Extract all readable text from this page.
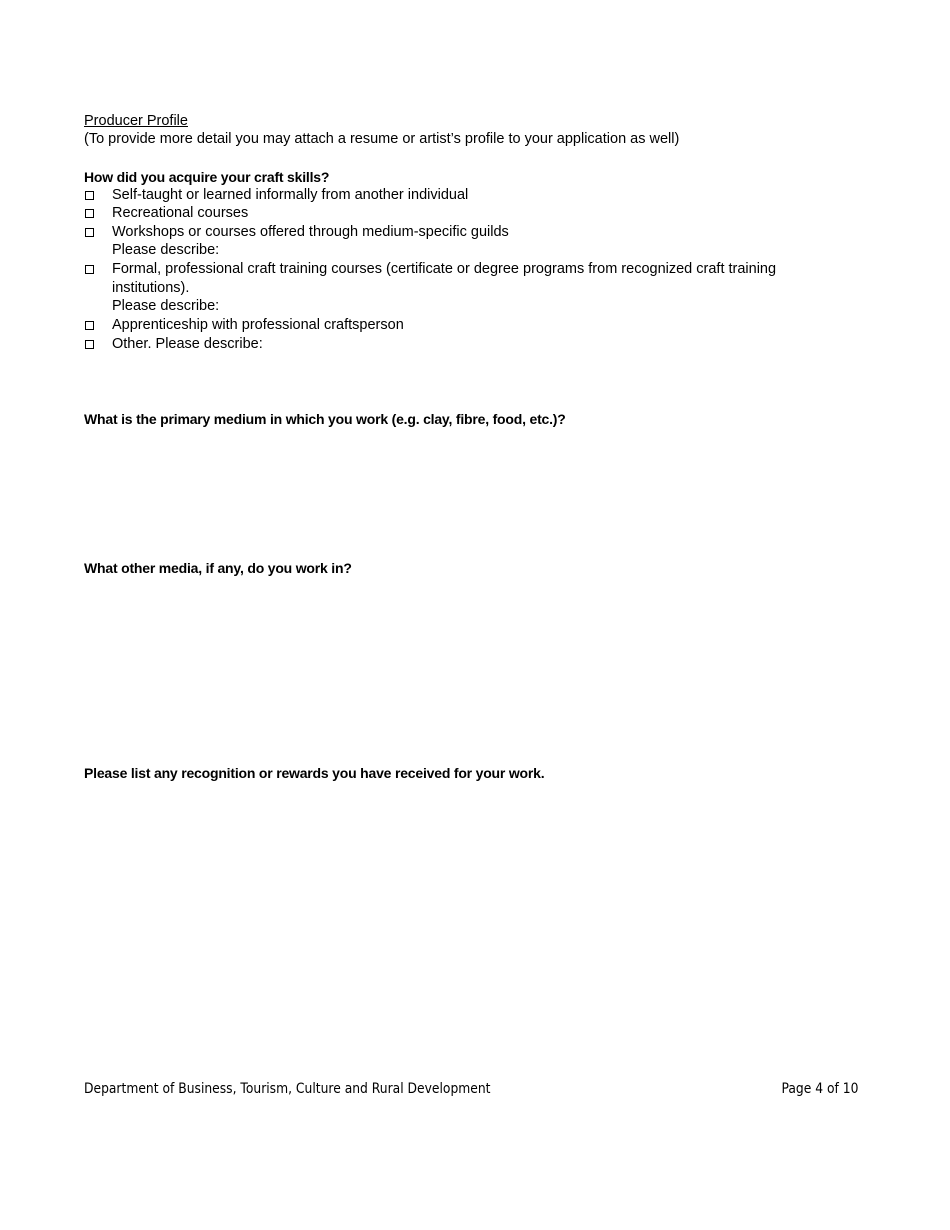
Producer Profile
(To provide more detail you may attach a resume or artist’s profile to your application as well)
How did you acquire your craft skills?
Self-taught or learned informally from another individual
Recreational courses
Workshops or courses offered through medium-specific guilds
Please describe:
Formal, professional craft training courses (certificate or degree programs from recognized craft training
institutions).
Please describe:
Apprenticeship with professional craftsperson
Other. Please describe:
What is the primary medium in which you work (e.g. clay, fibre, food, etc.)?
What other media, if any, do you work in?
Please list any recognition or rewards you have received for your work.
Department of Business, Tourism, Culture and Rural Development	Page 4 of 10
